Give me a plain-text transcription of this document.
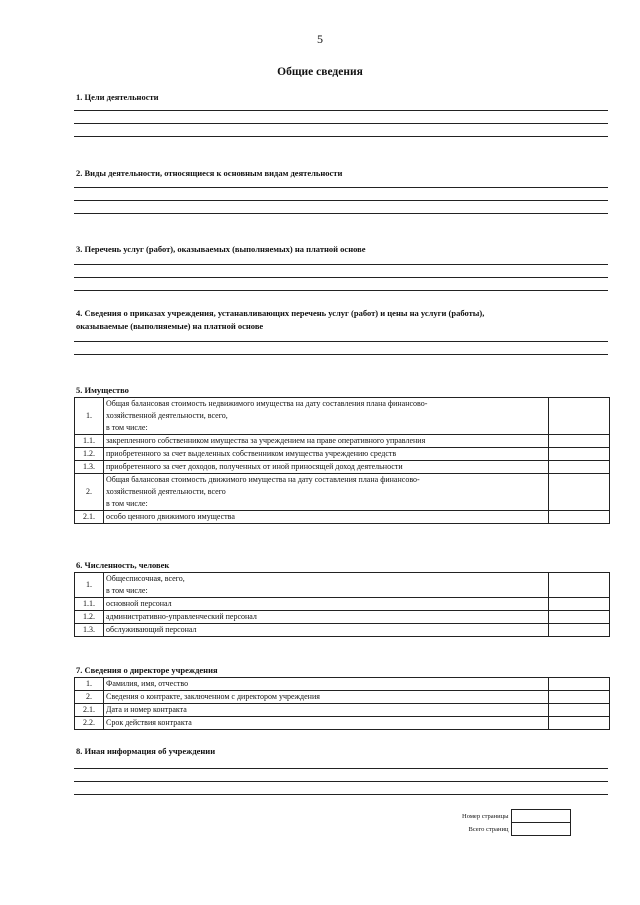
5
Общие сведения
1. Цели деятельности
2. Виды деятельности, относящиеся к основным видам деятельности
3. Перечень услуг (работ), оказываемых (выполняемых) на платной основе
4. Сведения о приказах учреждения, устанавливающих перечень услуг (работ) и цены на услуги (работы),
оказываемые (выполняемые) на платной основе
5. Имущество
1.	Общая балансовая стоимость недвижимого имущества на дату составления плана финансово-
хозяйственной деятельности, всего,
в том числе:	

1.1.	закрепленного собственником имущества за учреждением на праве оперативного управления	

1.2.	приобретенного за счет выделенных собственником имущества учреждению средств	

1.3.	приобретенного за счет доходов, полученных от иной приносящей доход деятельности	

2.	Общая балансовая стоимость движимого имущества на дату составления плана финансово-
хозяйственной деятельности, всего
в том числе:	

2.1.	особо ценного движимого имущества	

6. Численность, человек
1.	Общесписочная, всего,
в том числе:	

1.1.	основной персонал	

1.2.	административно-управленческий персонал	

1.3.	обслуживающий персонал	

7. Сведения о директоре учреждения
1.	Фамилия, имя, отчество	

2.	Сведения о контракте, заключенном с директором учреждения	

2.1.	Дата и номер контракта	

2.2.	Срок действия контракта	

8. Иная информация об учреждении
Номер страницы	
Всего страниц	
